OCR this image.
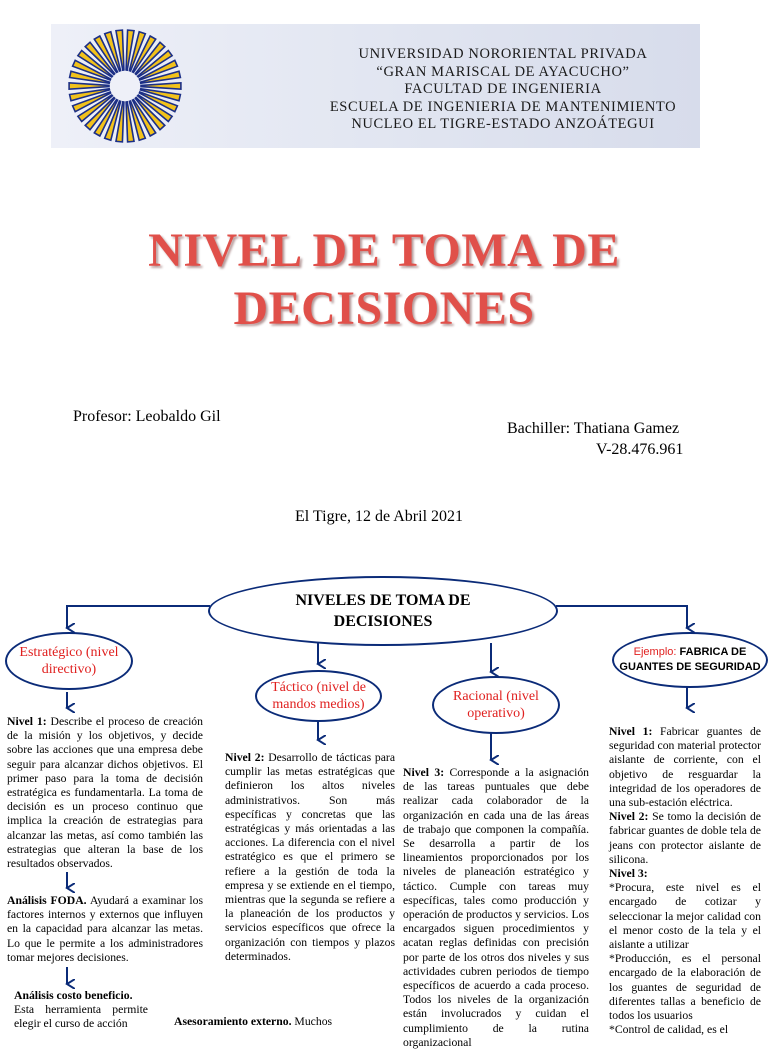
UNIVERSIDAD NORORIENTAL PRIVADA
“GRAN MARISCAL DE AYACUCHO”
FACULTAD DE INGENIERIA
ESCUELA DE INGENIERIA DE MANTENIMIENTO
NUCLEO EL TIGRE-ESTADO ANZOÁTEGUI
NIVEL DE TOMA DE
DECISIONES
Profesor: Leobaldo Gil
Bachiller: Thatiana Gamez
V-28.476.961
El Tigre, 12 de Abril 2021
NIVELES DE TOMA DE
DECISIONES
Estratégico (nivel
directivo)
Táctico (nivel de
mandos medios)
Racional (nivel
operativo)
Ejemplo: FABRICA DE
GUANTES DE SEGURIDAD

Nivel 1: Describe el proceso de creación de la misión y los objetivos, y decide sobre las acciones que una empresa debe seguir para alcanzar dichos objetivos. El primer paso para la toma de decisión estratégica es fundamentarla. La toma de decisión es un proceso continuo que implica la creación de estrategias para alcanzar las metas, así como también las estrategias que alteran la base de los resultados observados.

Análisis FODA. Ayudará a examinar los factores internos y externos que influyen en la capacidad para alcanzar las metas. Lo que le permite a los administradores tomar mejores decisiones.

Análisis costo beneficio.

Esta herramienta permite elegir el curso de acción

Nivel 2: Desarrollo de tácticas para cumplir las metas estratégicas que definieron los altos niveles administrativos. Son más específicas y concretas que las estratégicas y más orientadas a las acciones. La diferencia con el nivel estratégico es que el primero se refiere a la gestión de toda la empresa y se extiende en el tiempo, mientras que la segunda se refiere a la planeación de los productos y servicios específicos que ofrece la organización con tiempos y plazos determinados.

Asesoramiento externo. Muchos

Nivel 3: Corresponde a la asignación de las tareas puntuales que debe realizar cada colaborador de la organización en cada una de las áreas de trabajo que componen la compañía. Se desarrolla a partir de los lineamientos proporcionados por los niveles de planeación estratégico y táctico. Cumple con tareas muy específicas, tales como producción y operación de productos y servicios. Los encargados siguen procedimientos y acatan reglas definidas con precisión por parte de los otros dos niveles y sus actividades cubren periodos de tiempo específicos de acuerdo a cada proceso. Todos los niveles de la organización están involucrados y cuidan el cumplimiento de la rutina organizacional

Nivel 1: Fabricar guantes de seguridad con material protector aislante de corriente, con el objetivo de resguardar la integridad de los operadores de una sub-estación eléctrica.

Nivel 2: Se tomo la decisión de fabricar guantes de doble tela de jeans con protector aislante de silicona.

Nivel 3:

*Procura, este nivel es el encargado de cotizar y seleccionar la mejor calidad con el menor costo de la tela y el aislante a utilizar

*Producción, es el personal encargado de la elaboración de los guantes de seguridad de diferentes tallas a beneficio de todos los usuarios

*Control de calidad, es el
